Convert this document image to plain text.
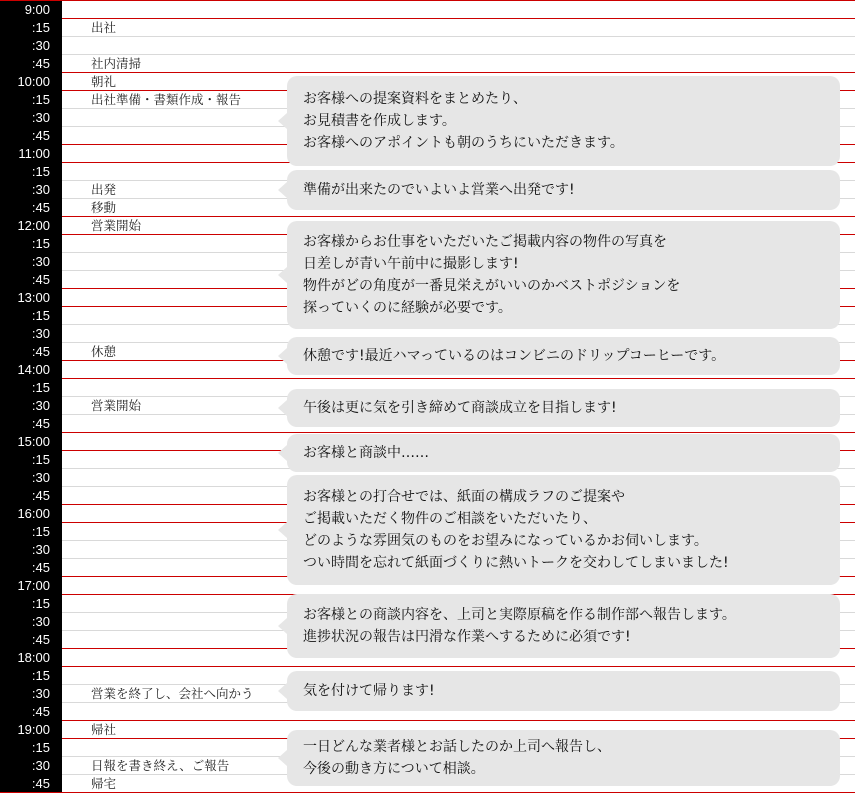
9:00
:15	出社
:30
:45	社内清掃
10:00	朝礼
:15	出社準備・書類作成・報告
:30
:45
11:00
:15
:30	出発
:45	移動
12:00	営業開始
:15
:30
:45
13:00
:15
:30
:45	休憩
14:00
:15
:30	営業開始
:45
15:00
:15
:30
:45
16:00
:15
:30
:45
17:00
:15
:30
:45
18:00
:15
:30	営業を終了し、会社へ向かう
:45
19:00	帰社
:15
:30	日報を書き終え、ご報告
:45	帰宅
お客様への提案資料をまとめたり、
お見積書を作成します。
お客様へのアポイントも朝のうちにいただきます。
準備が出来たのでいよいよ営業へ出発です!
お客様からお仕事をいただいたご掲載内容の物件の写真を
日差しが青い午前中に撮影します!
物件がどの角度が一番見栄えがいいのかベストポジションを
探っていくのに経験が必要です。
休憩です!最近ハマっているのはコンビニのドリップコーヒーです。
午後は更に気を引き締めて商談成立を目指します!
お客様と商談中……
お客様との打合せでは、紙面の構成ラフのご提案や
ご掲載いただく物件のご相談をいただいたり、
どのような雰囲気のものをお望みになっているかお伺いします。
つい時間を忘れて紙面づくりに熱いトークを交わしてしまいました!
お客様との商談内容を、上司と実際原稿を作る制作部へ報告します。
進捗状況の報告は円滑な作業へするために必須です!
気を付けて帰ります!
一日どんな業者様とお話したのか上司へ報告し、
今後の動き方について相談。
